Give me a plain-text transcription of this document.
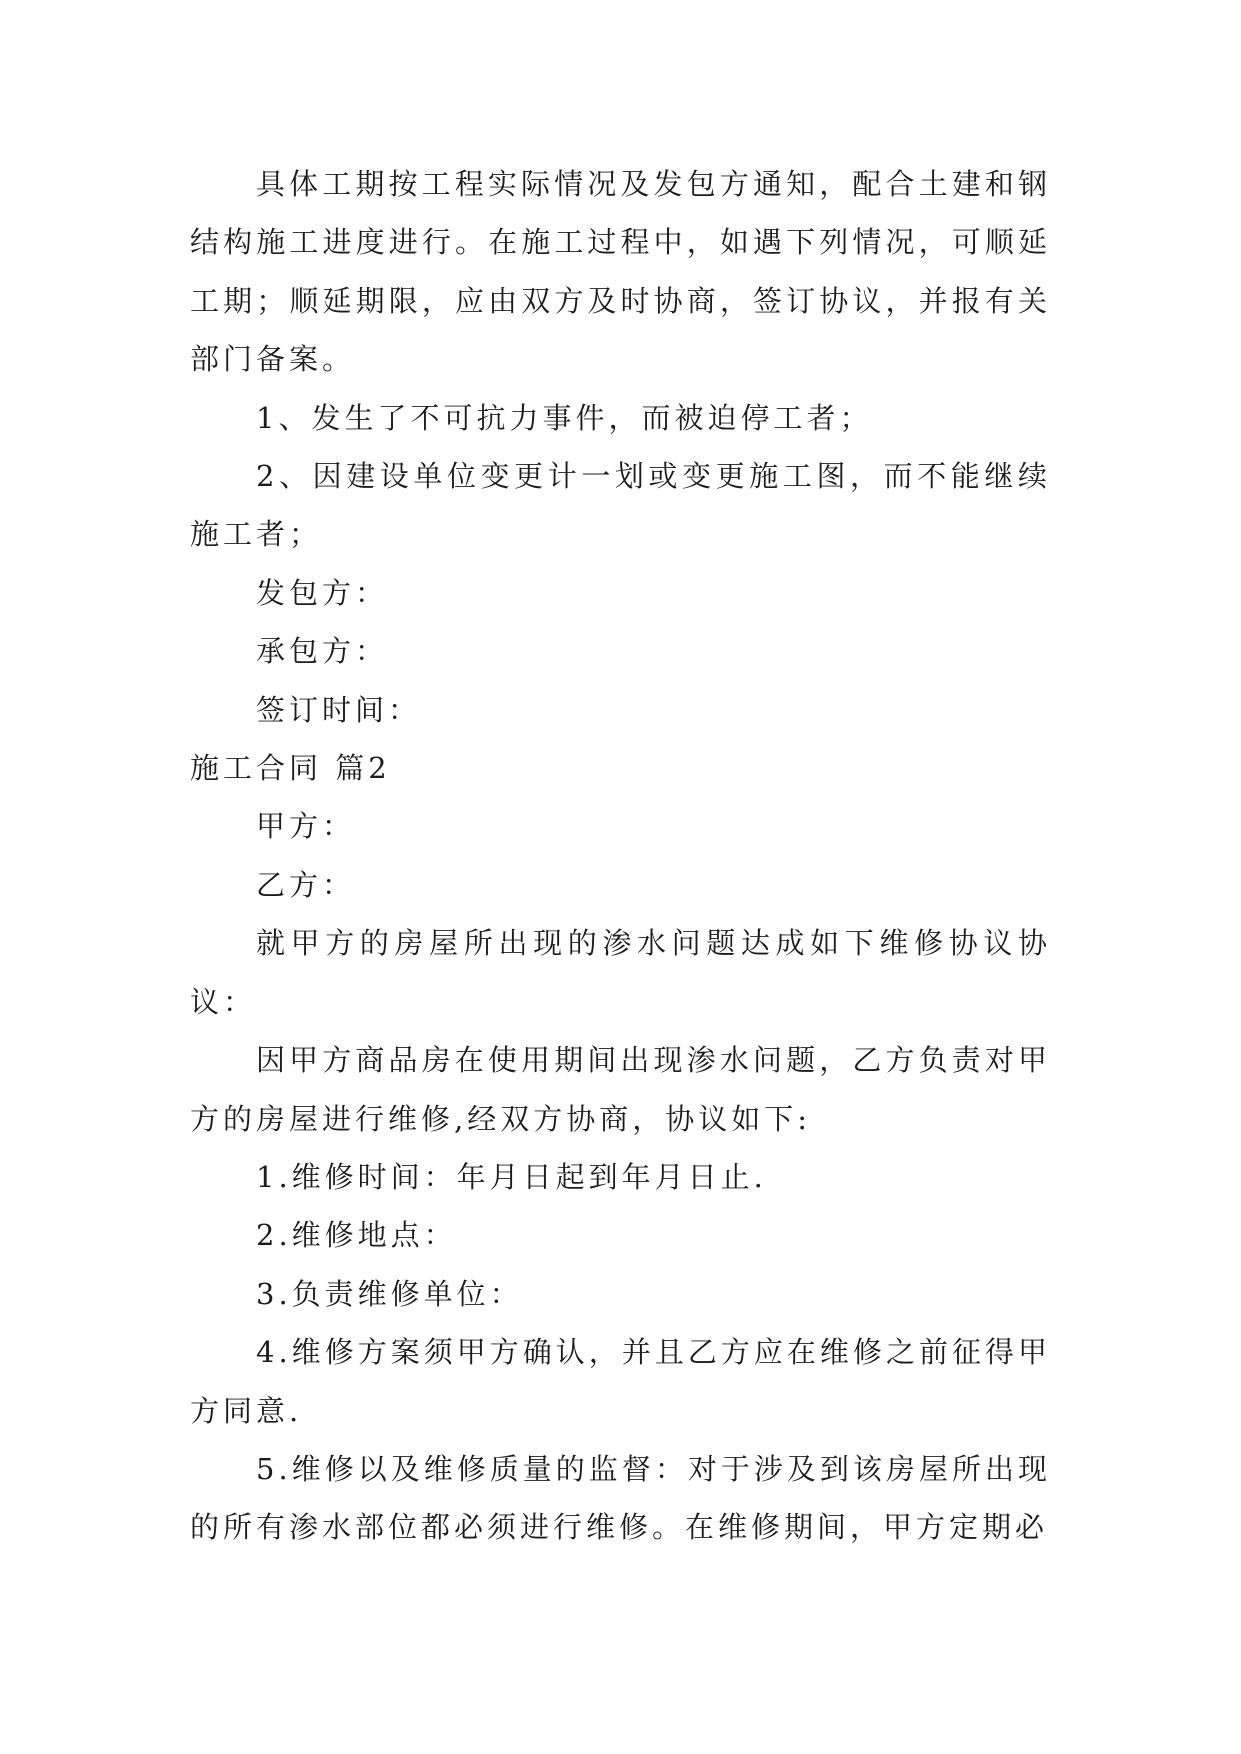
具体工期按工程实际情况及发包方通知，配合土建和钢结构施工进度进行。在施工过程中，如遇下列情况，可顺延工期；顺延期限，应由双方及时协商，签订协议，并报有关部门备案。

1、发生了不可抗力事件，而被迫停工者；

2、因建设单位变更计一划或变更施工图，而不能继续施工者；

发包方：

承包方：

签订时间：

施工合同 篇2

甲方：

乙方：

就甲方的房屋所出现的渗水问题达成如下维修协议协议：

因甲方商品房在使用期间出现渗水问题，乙方负责对甲方的房屋进行维修,经双方协商，协议如下:

1.维修时间：年月日起到年月日止.

2.维修地点：

3.负责维修单位：

4.维修方案须甲方确认，并且乙方应在维修之前征得甲方同意.

5.维修以及维修质量的监督：对于涉及到该房屋所出现的所有渗水部位都必须进行维修。在维修期间，甲方定期必
